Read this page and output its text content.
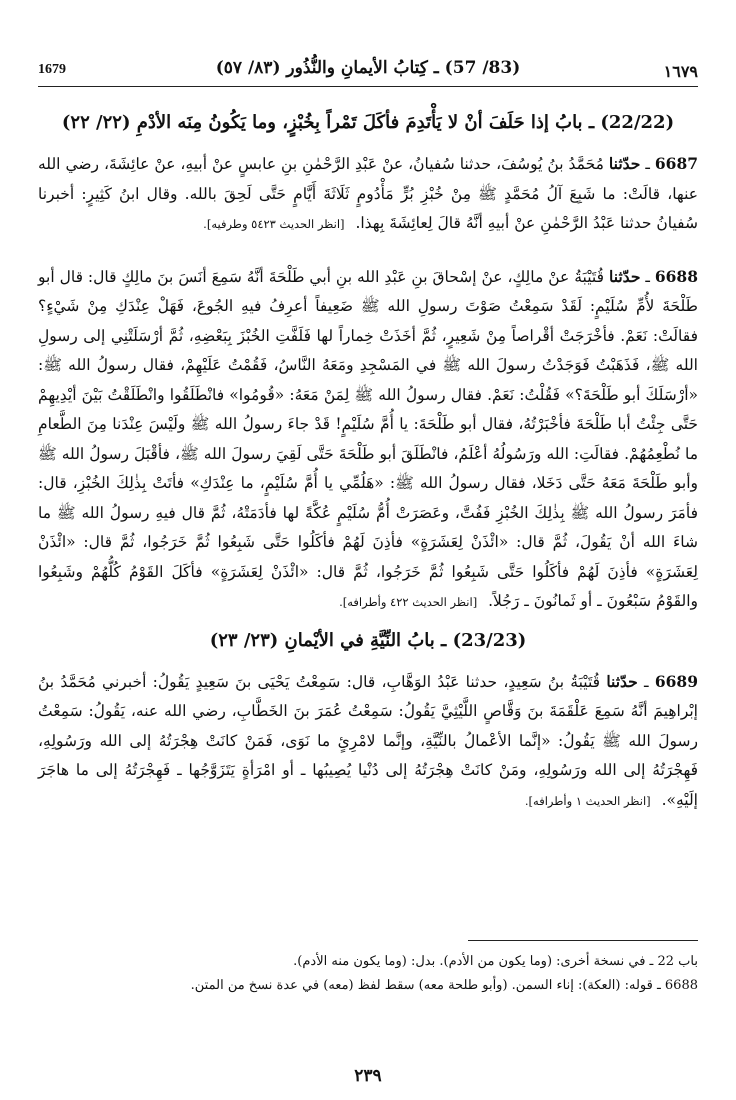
1679	(83/ 57) ـ كِتابُ الأيمانِ والنُّذُور (٨٣/ ٥٧)	١٦٧٩
(22/22) ـ بابُ إذا حَلَفَ أنْ لا يَأْتَدِمَ فأكَلَ تَمْراً بِخُبْزٍ، وما يَكُونُ مِنَه الأدْمِ (٢٢/ ٢٢)

6687 ـ حدّثنا مُحَمَّدُ بنُ يُوسُفَ، حدثنا سُفيانُ، عنْ عَبْدِ الرَّحْمٰنِ بنِ عابسٍ عنْ أبيهِ، عنْ عائِشَةَ، رضي الله عنها، قالَتْ: ما شَبِعَ آلُ مُحَمَّدٍ ﷺ مِنْ خُبْزِ بُرٍّ مَأْدُومٍ ثَلَاثَةَ أَيَّامٍ حَتَّى لَحِقَ بالله. وقال ابنُ كَثِيرٍ: أخبرنا سُفيانُ حدثنا عَبْدُ الرَّحْمٰنِ عنْ أبيهِ أنَّهُ قالَ لِعائِشَةَ بِهذا. [انظر الحديث ٥٤٢٣ وطرفيه].

6688 ـ حدّثنا قُتَيْبَةُ عنْ مالِكٍ، عنْ إسْحاقَ بنِ عَبْدِ الله بنِ أبي طَلْحَةَ أنَّهُ سَمِعَ أنَسَ بنَ مالِكٍ قال: قال أبو طَلْحَةَ لأُمِّ سُلَيْمٍ: لَقَدْ سَمِعْتُ صَوْتَ رسولِ الله ﷺ ضَعِيفاً أعرِفُ فيهِ الجُوعَ، فَهَلْ عِنْدَكِ مِنْ شَيْءٍ؟ فقالَتْ: نَعَمْ. فأخْرَجَتْ أقْراصاً مِنْ شَعِيرٍ، ثُمَّ أخَذَتْ خِماراً لها فَلَفَّتِ الخُبْزَ بِبَعْضِهِ، ثُمَّ أرْسَلَتْنِي إلى رسولِ الله ﷺ، فَذَهَبْتُ فَوَجَدْتُ رسولَ الله ﷺ في المَسْجِدِ ومَعَهُ النَّاسُ، فَقُمْتُ عَلَيْهِمْ، فقال رسولُ الله ﷺ: «أرْسَلَكَ أبو طَلْحَةَ؟» فَقُلْتُ: نَعَمْ. فقال رسولُ الله ﷺ لِمَنْ مَعَهُ: «قُومُوا» فانْطَلَقُوا وانْطَلَقْتُ بَيْنَ أيْدِيهِمْ حَتَّى جِئْتُ أبا طَلْحَةَ فأخْبَرْتُهُ، فقال أبو طَلْحَةَ: يا أُمَّ سُلَيْمٍ! قَدْ جاءَ رسولُ الله ﷺ ولَيْسَ عِنْدَنا مِنَ الطَّعامِ ما نُطْعِمُهُمْ. فقالَتِ: الله ورَسُولُهُ أعْلَمُ، فانْطَلَقَ أبو طَلْحَةَ حَتَّى لَقِيَ رسولَ الله ﷺ، فأقْبَلَ رسولُ الله ﷺ وأبو طَلْحَةَ مَعَهُ حَتَّى دَخَلا، فقال رسولُ الله ﷺ: «هَلُمِّي يا أُمَّ سُلَيْمٍ، ما عِنْدَكِ» فأتَتْ بِذٰلِكَ الخُبْزِ، قال: فأمَرَ رسولُ الله ﷺ بِذٰلِكَ الخُبْزِ فَفُتَّ، وعَصَرَتْ أُمُّ سُلَيْمٍ عُكَّةً لها فأدَمَتْهُ، ثُمَّ قال فيهِ رسولُ الله ﷺ ما شاءَ الله أنْ يَقُولَ، ثُمَّ قال: «ائْذَنْ لِعَشَرَةٍ» فأذِنَ لَهُمْ فأكَلُوا حَتَّى شَبِعُوا ثُمَّ خَرَجُوا، ثُمَّ قال: «ائْذَنْ لِعَشَرَةٍ» فأذِنَ لَهُمْ فأكَلُوا حَتَّى شَبِعُوا ثُمَّ خَرَجُوا، ثُمَّ قال: «ائْذَنْ لِعَشَرَةٍ» فأكَلَ القَوْمُ كُلُّهُمْ وشَبِعُوا والقَوْمُ سَبْعُونَ ـ أو ثَمانُونَ ـ رَجُلاً. [انظر الحديث ٤٢٢ وأطرافه].

(23/23) ـ بابُ النِّيَّةِ في الأيْمانِ (٢٣/ ٢٣)

6689 ـ حدّثنا قُتَيْبَةُ بنُ سَعِيدٍ، حدثنا عَبْدُ الوَهَّابِ، قال: سَمِعْتُ يَحْيَى بنَ سَعِيدٍ يَقُولُ: أخبرني مُحَمَّدُ بنُ إبْراهِيمَ أنَّهُ سَمِعَ عَلْقَمَةَ بنَ وَقَّاصٍ اللَّيْثِيَّ يَقُولُ: سَمِعْتُ عُمَرَ بنَ الخَطَّابِ، رضي الله عنه، يَقُولُ: سَمِعْتُ رسولَ الله ﷺ يَقُولُ: «إنَّما الأعْمالُ بالنِّيَّةِ، وإنَّما لامْرِئٍ ما نَوَى، فَمَنْ كانَتْ هِجْرَتُهُ إلى الله ورَسُولِهِ، فَهِجْرَتُهُ إلى الله ورَسُولِهِ، ومَنْ كانَتْ هِجْرَتُهُ إلى دُنْيا يُصِيبُها ـ أو امْرَأةٍ يَتَزَوَّجُها ـ فَهِجْرَتُهُ إلى ما هاجَرَ إلَيْهِ». [انظر الحديث ١ وأطرافه].

باب 22 ـ في نسخة أخرى: (وما يكون من الأدم). بدل: (وما يكون منه الأدم).

6688 ـ قوله: (العكة): إناء السمن. (وأبو طلحة معه) سقط لفظ (معه) في عدة نسخ من المتن.

٢٣٩
